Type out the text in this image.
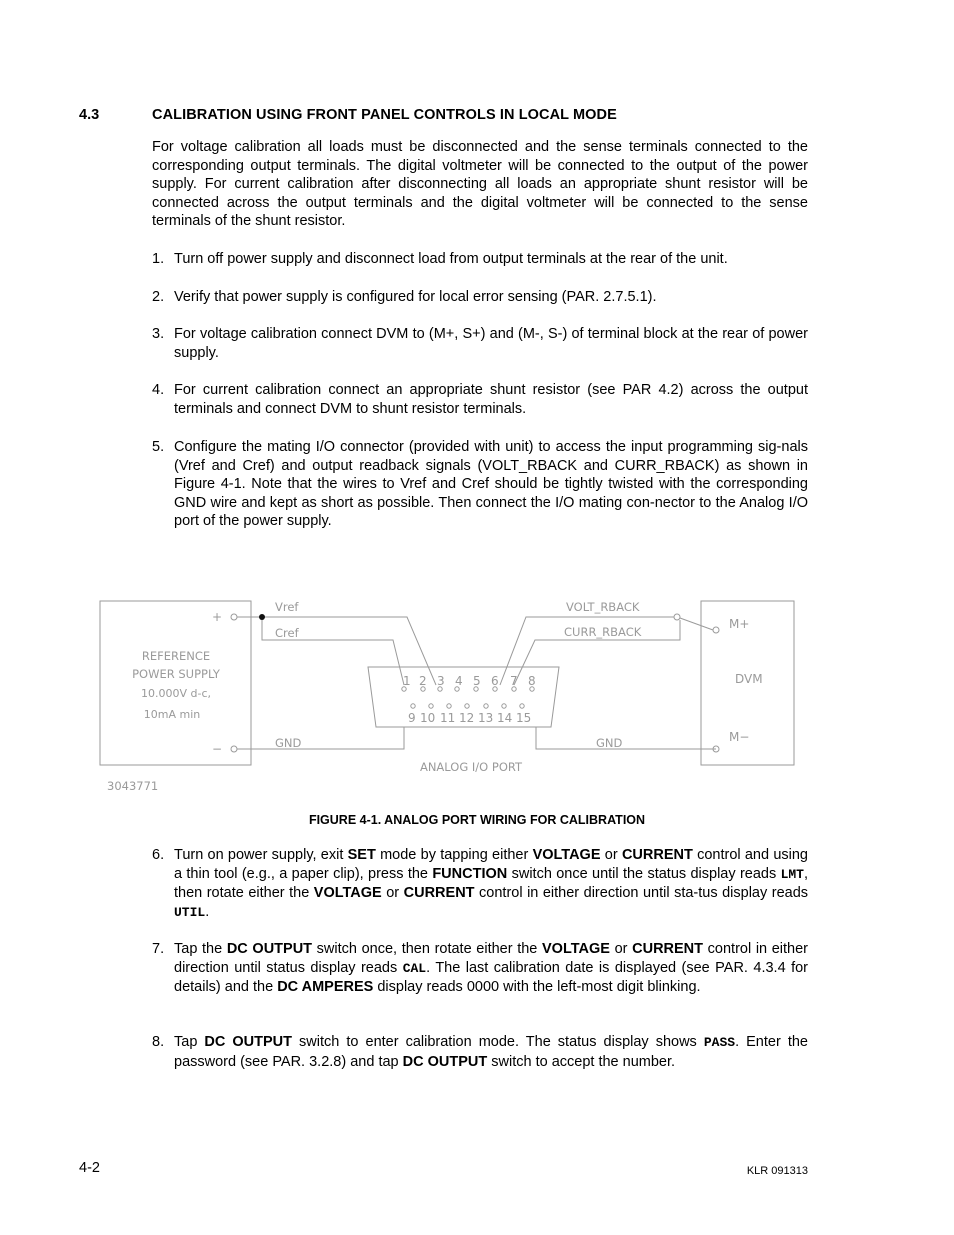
4.3	CALIBRATION USING FRONT PANEL CONTROLS IN LOCAL MODE
For voltage calibration all loads must be disconnected and the sense terminals connected to the corresponding output terminals. The digital voltmeter will be connected to the output of the power supply. For current calibration after disconnecting all loads an appropriate shunt resistor will be connected across the output terminals and the digital voltmeter will be connected to the sense terminals of the shunt resistor.
1. Turn off power supply and disconnect load from output terminals at the rear of the unit.
2. Verify that power supply is configured for local error sensing (PAR. 2.7.5.1).
3. For voltage calibration connect DVM to (M+, S+) and (M-, S-) of terminal block at the rear of power supply.
4. For current calibration connect an appropriate shunt resistor (see PAR 4.2) across the output terminals and connect DVM to shunt resistor terminals.
5. Configure the mating I/O connector (provided with unit) to access the input programming sig-nals (Vref and Cref) and output readback signals (VOLT_RBACK and CURR_RBACK) as shown in Figure 4-1. Note that the wires to Vref and Cref should be tightly twisted with the corresponding GND wire and kept as short as possible. Then connect the I/O mating con-nector to the Analog I/O port of the power supply.
+
−
REFERENCE
POWER SUPPLY
10.000V d-c,
10mA min
Vref
Cref
GND	GND
VOLT_RBACK
CURR_RBACK
M+
DVM
M−
ANALOG I/O PORT
3043771
1 2 3 4 5 6 7 8
9 10 11 12 13 14 15
FIGURE 4-1. ANALOG PORT WIRING FOR CALIBRATION
6. Turn on power supply, exit SET mode by tapping either VOLTAGE or CURRENT control and using a thin tool (e.g., a paper clip), press the FUNCTION switch once until the status display reads LMT, then rotate either the VOLTAGE or CURRENT control in either direction until sta-tus display reads UTIL.
7. Tap the DC OUTPUT switch once, then rotate either the VOLTAGE or CURRENT control in either direction until status display reads CAL. The last calibration date is displayed (see PAR. 4.3.4 for details) and the DC AMPERES display reads 0000 with the left-most digit blinking.
8. Tap DC OUTPUT switch to enter calibration mode. The status display shows PASS. Enter the password (see PAR. 3.2.8) and tap DC OUTPUT switch to accept the number.
4-2	KLR 091313
